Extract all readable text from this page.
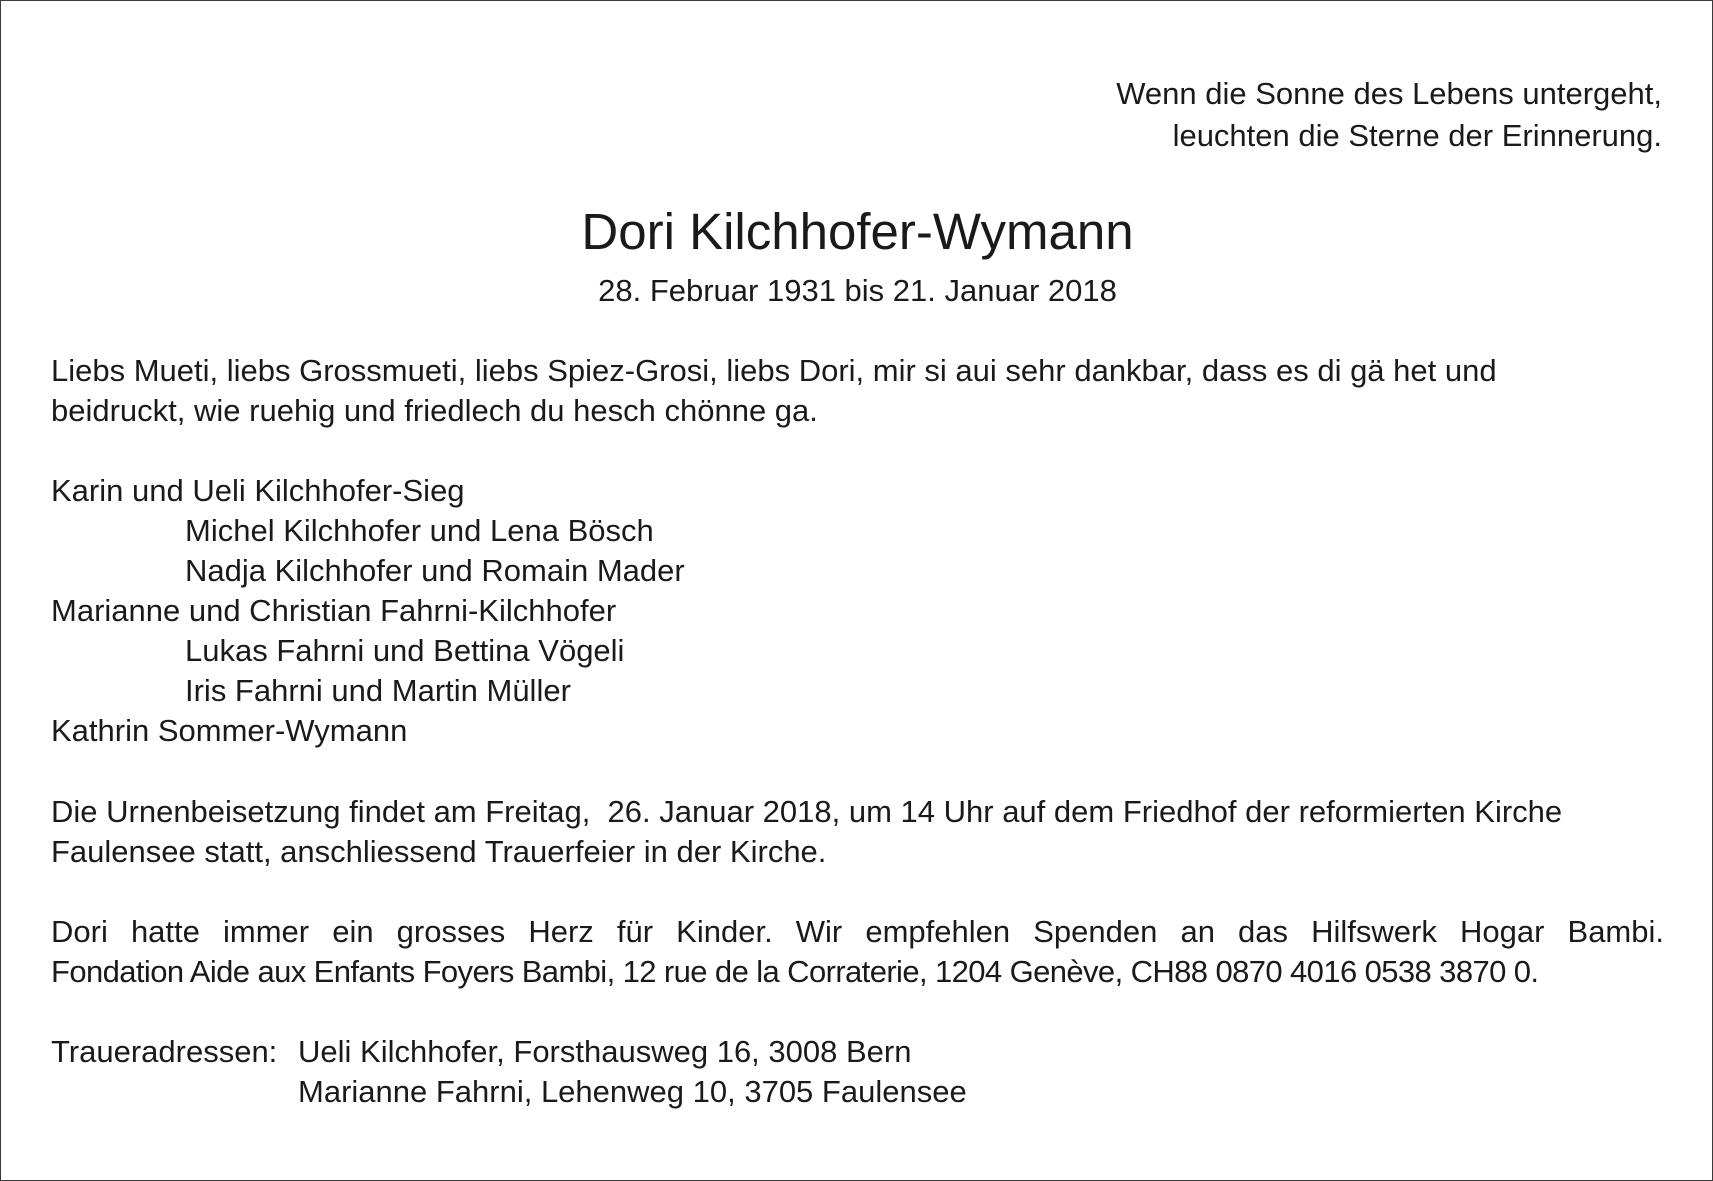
Wenn die Sonne des Lebens untergeht,
leuchten die Sterne der Erinnerung.
Dori Kilchhofer-Wymann
28. Februar 1931 bis 21. Januar 2018
Liebs Mueti, liebs Grossmueti, liebs Spiez-Grosi, liebs Dori, mir si aui sehr dankbar, dass es di gä het und
beidruckt, wie ruehig und friedlech du hesch chönne ga.
Karin und Ueli Kilchhofer-Sieg
Michel Kilchhofer und Lena Bösch
Nadja Kilchhofer und Romain Mader
Marianne und Christian Fahrni-Kilchhofer
Lukas Fahrni und Bettina Vögeli
Iris Fahrni und Martin Müller
Kathrin Sommer-Wymann
Die Urnenbeisetzung findet am Freitag,  26. Januar 2018, um 14 Uhr auf dem Friedhof der reformierten Kirche
Faulensee statt, anschliessend Trauerfeier in der Kirche.
Dori hatte immer ein grosses Herz für Kinder. Wir empfehlen Spenden an das Hilfswerk Hogar Bambi.
Fondation Aide aux Enfants Foyers Bambi, 12 rue de la Corraterie, 1204 Genève, CH88 0870 4016 0538 3870 0.
Traueradressen: Ueli Kilchhofer, Forsthausweg 16, 3008 Bern
Marianne Fahrni, Lehenweg 10, 3705 Faulensee
